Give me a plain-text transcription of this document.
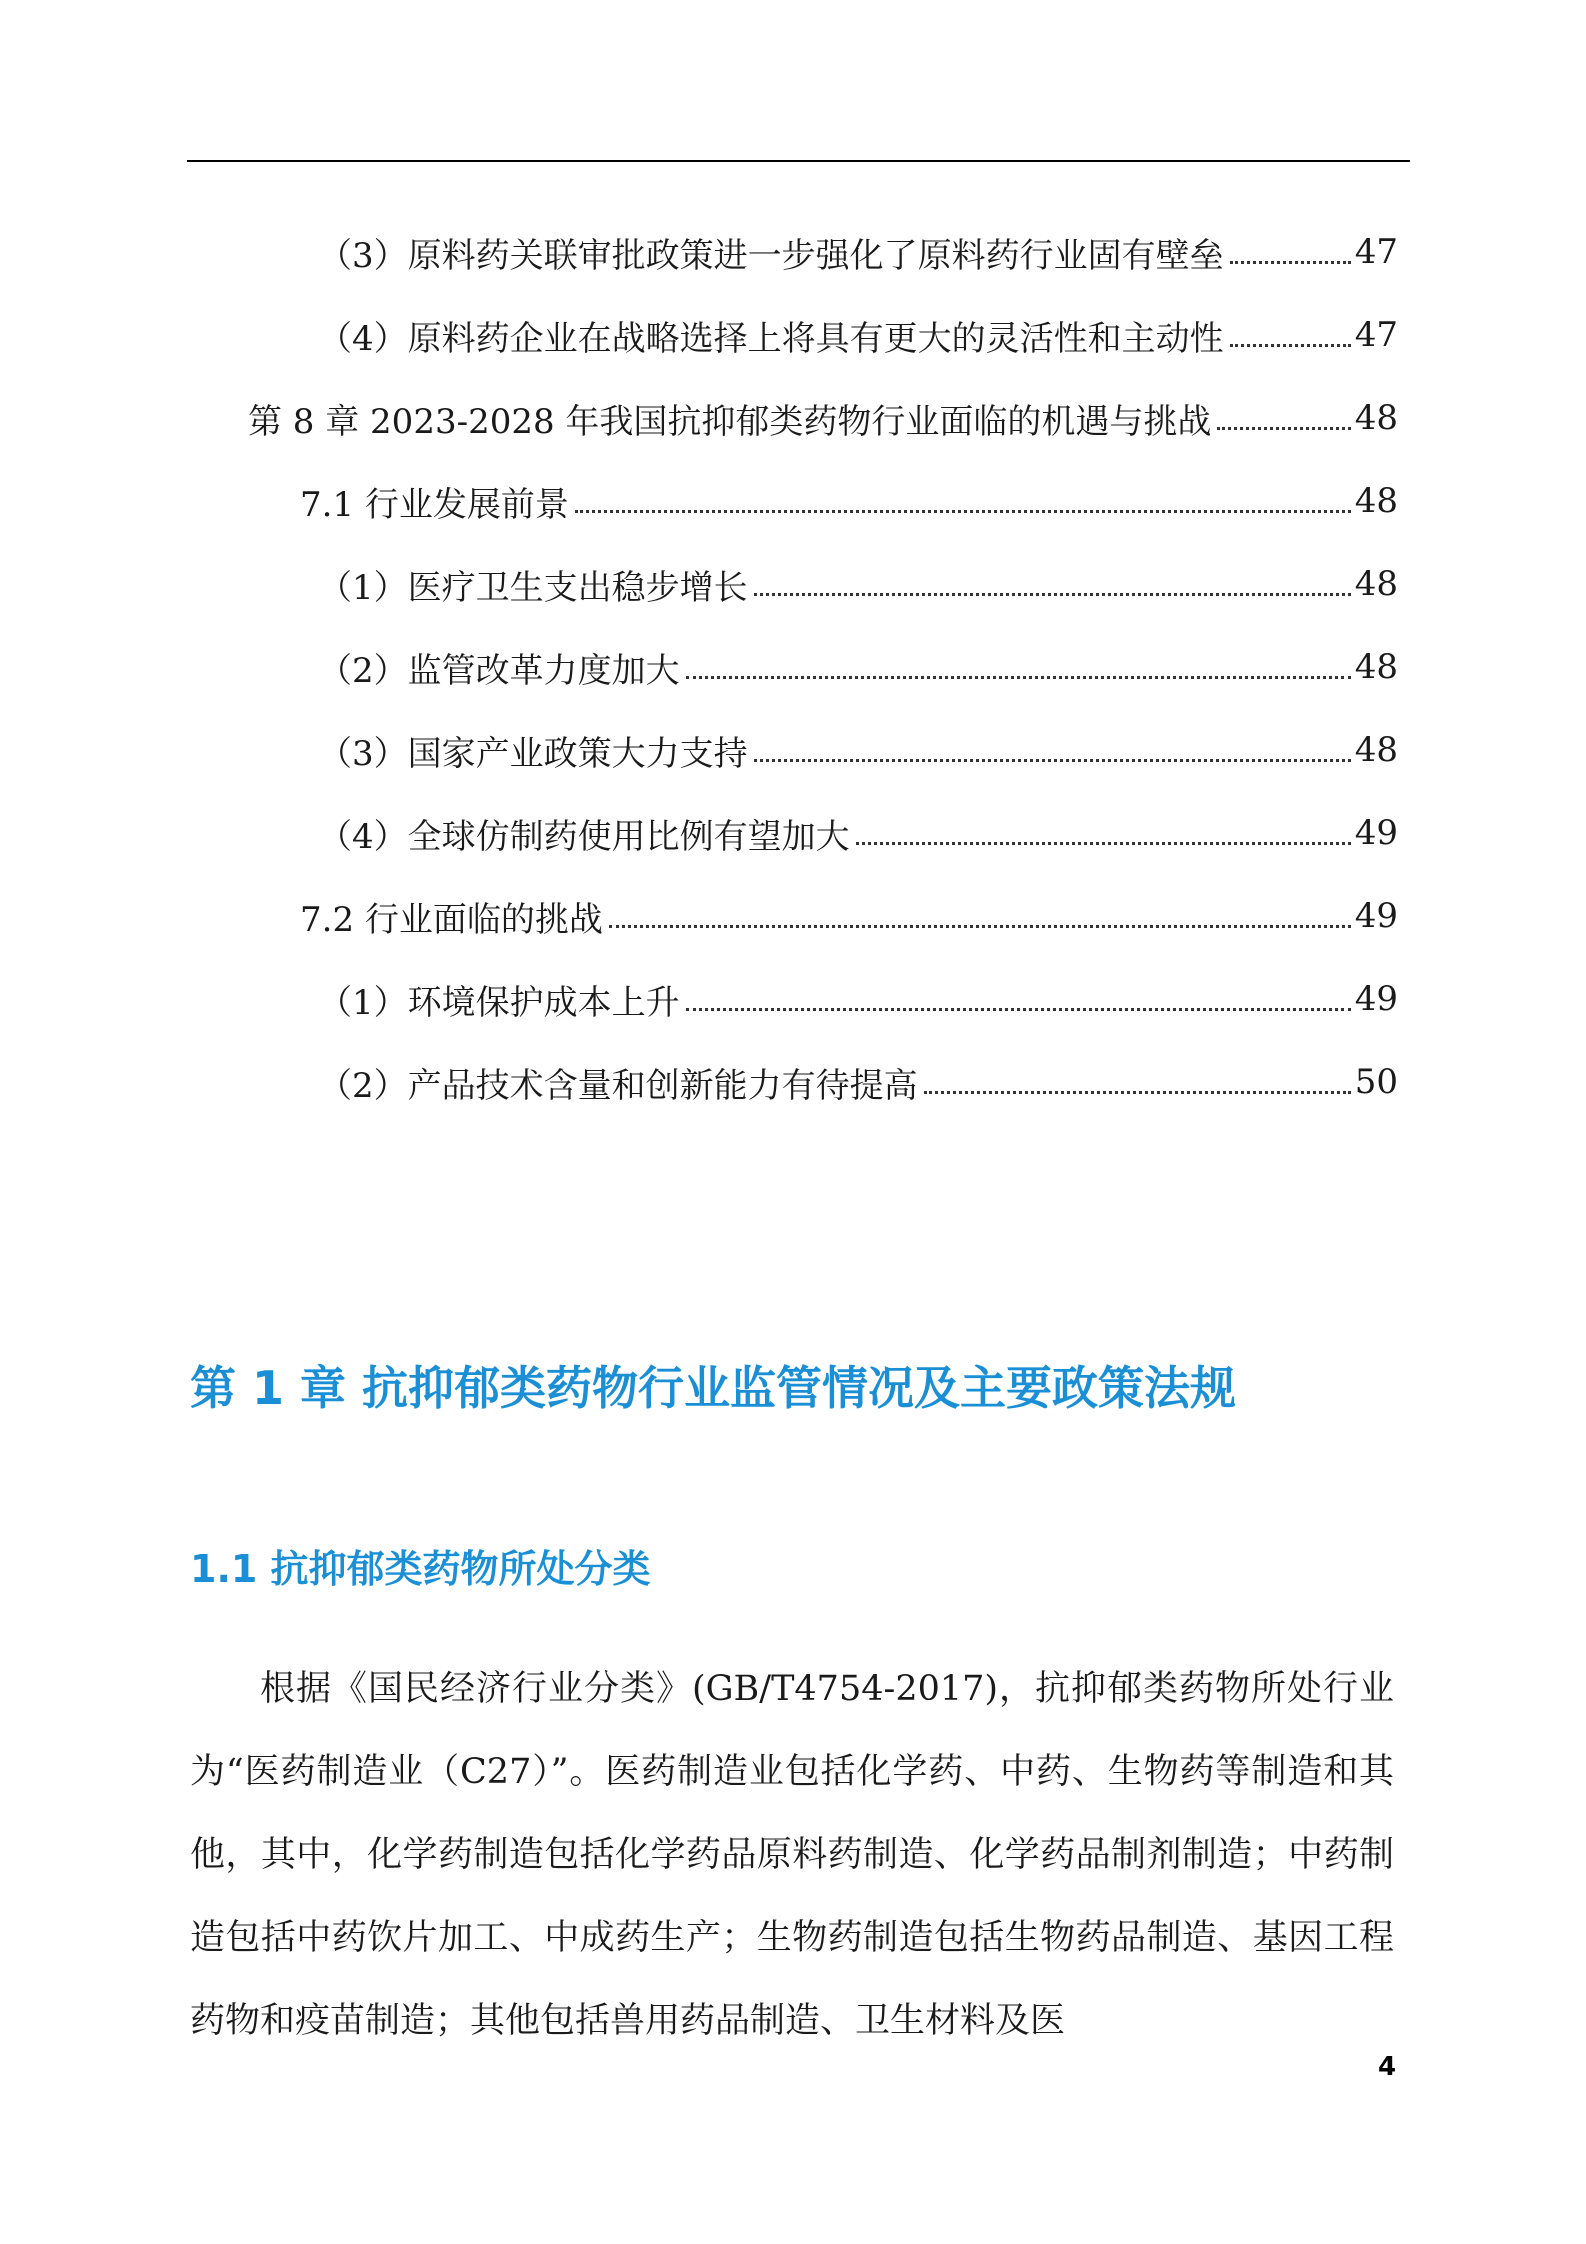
（3）原料药关联审批政策进一步强化了原料药行业固有壁垒	47
（4）原料药企业在战略选择上将具有更大的灵活性和主动性	47
第 8 章 2023-2028 年我国抗抑郁类药物行业面临的机遇与挑战	48
7.1 行业发展前景	48
（1）医疗卫生支出稳步增长	48
（2）监管改革力度加大	48
（3）国家产业政策大力支持	48
（4）全球仿制药使用比例有望加大	49
7.2 行业面临的挑战	49
（1）环境保护成本上升	49
（2）产品技术含量和创新能力有待提高	50
第 1 章 抗抑郁类药物行业监管情况及主要政策法规
1.1 抗抑郁类药物所处分类

根据《国民经济行业分类》(GB/T4754-2017)，抗抑郁类药物所处行业为“医药制造业（C27）”。医药制造业包括化学药、中药、生物药等制造和其他，其中，化学药制造包括化学药品原料药制造、化学药品制剂制造；中药制造包括中药饮片加工、中成药生产；生物药制造包括生物药品制造、基因工程药物和疫苗制造；其他包括兽用药品制造、卫生材料及医

4
